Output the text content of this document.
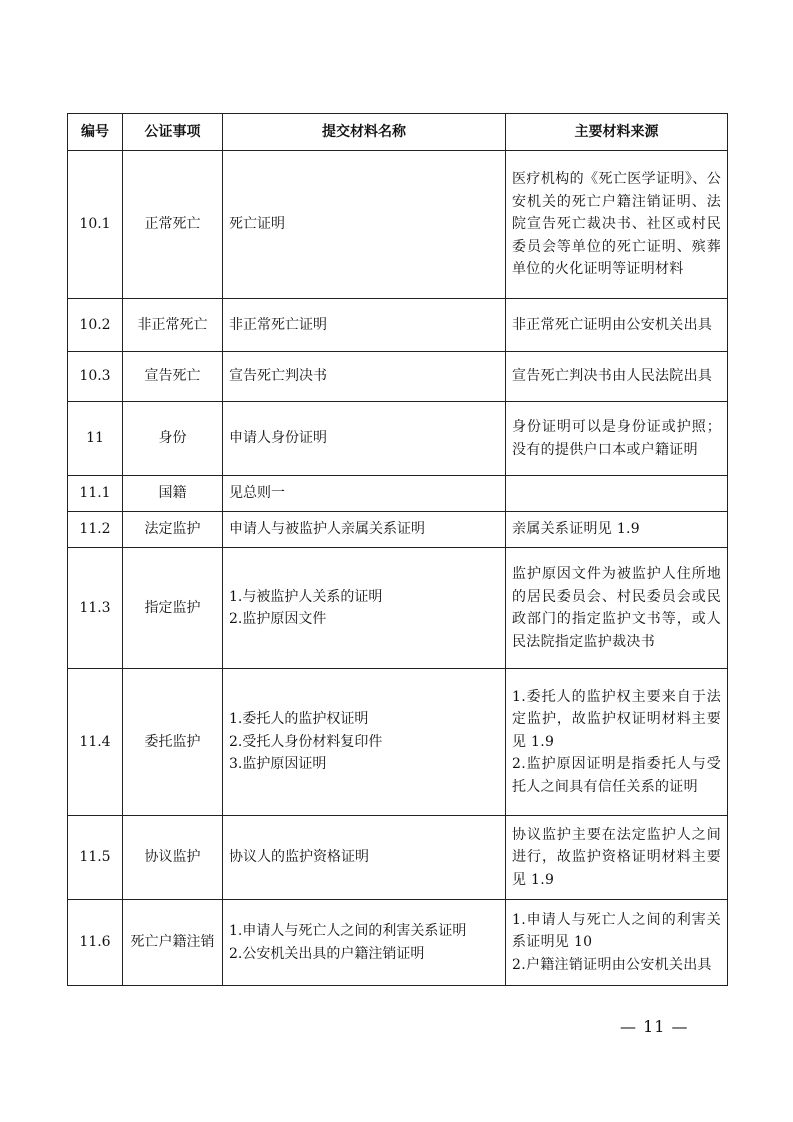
编号	公证事项	提交材料名称	主要材料来源
10.1	正常死亡	死亡证明	医疗机构的《死亡医学证明》、公安机关的死亡户籍注销证明、法院宣告死亡裁决书、社区或村民委员会等单位的死亡证明、殡葬单位的火化证明等证明材料

10.2	非正常死亡	非正常死亡证明	非正常死亡证明由公安机关出具

10.3	宣告死亡	宣告死亡判决书	宣告死亡判决书由人民法院出具

11	身份	申请人身份证明	身份证明可以是身份证或护照；没有的提供户口本或户籍证明

11.1	国籍	见总则一	

11.2	法定监护	申请人与被监护人亲属关系证明	亲属关系证明见 1.9

11.3	指定监护	1.与被监护人关系的证明
2.监护原因文件	监护原因文件为被监护人住所地的居民委员会、村民委员会或民政部门的指定监护文书等，或人民法院指定监护裁决书

11.4	委托监护	1.委托人的监护权证明
2.受托人身份材料复印件
3.监护原因证明	1.委托人的监护权主要来自于法定监护，故监护权证明材料主要见 1.9
2.监护原因证明是指委托人与受托人之间具有信任关系的证明

11.5	协议监护	协议人的监护资格证明	协议监护主要在法定监护人之间进行，故监护资格证明材料主要见 1.9

11.6	死亡户籍注销	1.申请人与死亡人之间的利害关系证明
2.公安机关出具的户籍注销证明	1.申请人与死亡人之间的利害关系证明见 10
2.户籍注销证明由公安机关出具
— 11 —
